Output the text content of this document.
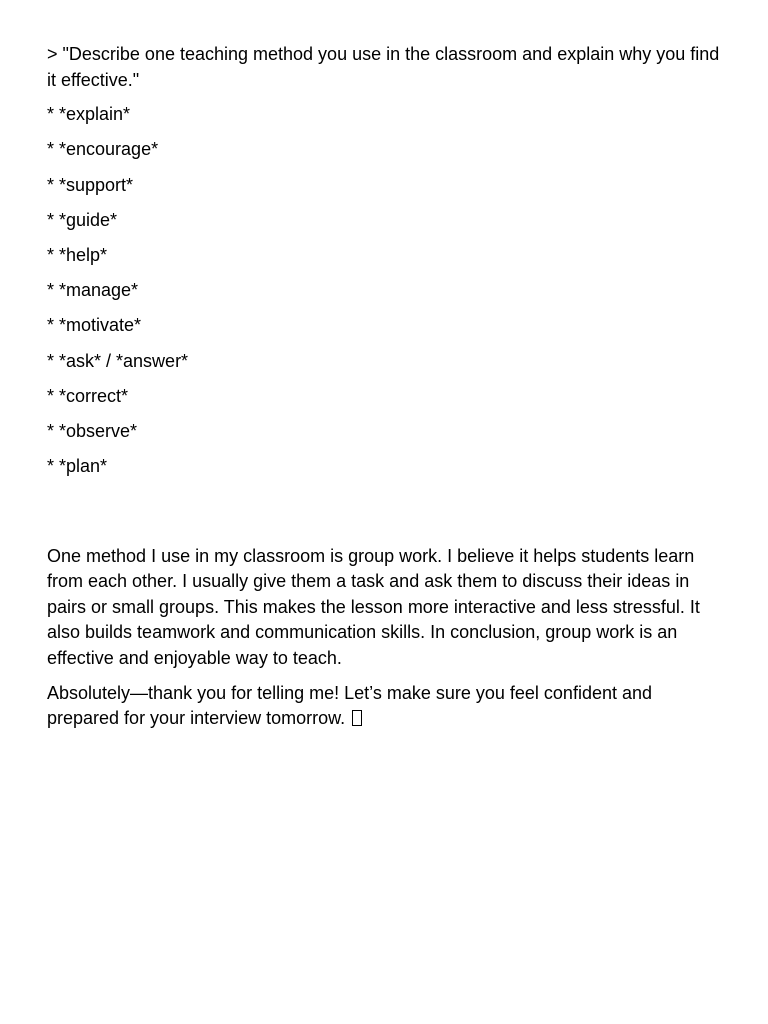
> "Describe one teaching method you use in the classroom and explain why you find it effective."

* *explain*
* *encourage*
* *support*
* *guide*
* *help*
* *manage*
* *motivate*
* *ask* / *answer*
* *correct*
* *observe*
* *plan*

One method I use in my classroom is group work. I believe it helps students learn from each other. I usually give them a task and ask them to discuss their ideas in pairs or small groups. This makes the lesson more interactive and less stressful. It also builds teamwork and communication skills. In conclusion, group work is an effective and enjoyable way to teach.

Absolutely—thank you for telling me! Let’s make sure you feel confident and prepared for your interview tomorrow.
